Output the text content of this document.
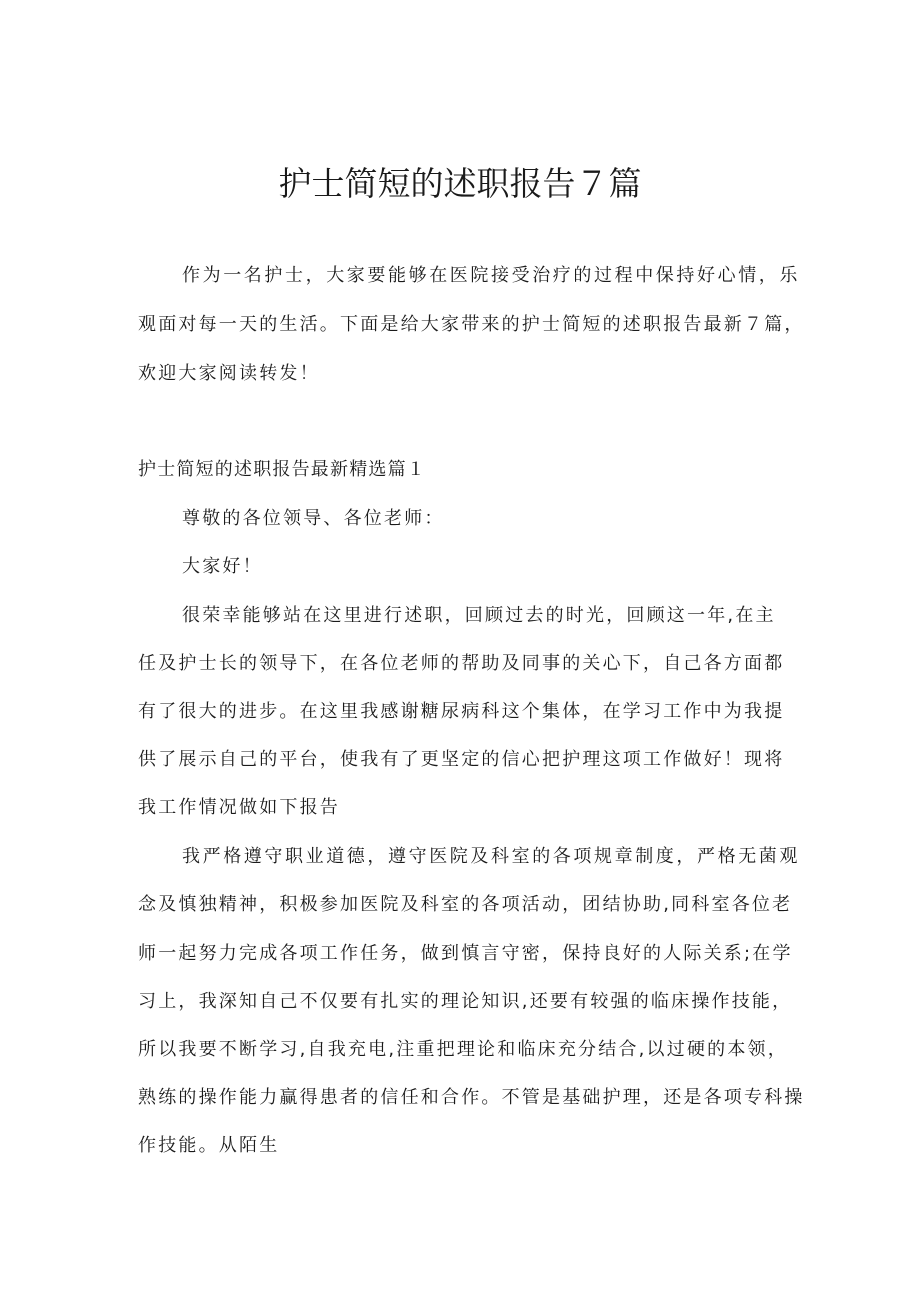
护士简短的述职报告７篇

作为一名护士，大家要能够在医院接受治疗的过程中保持好心情，乐

观面对每一天的生活。下面是给大家带来的护士简短的述职报告最新７篇，

欢迎大家阅读转发！

护士简短的述职报告最新精选篇１

尊敬的各位领导、各位老师：

大家好！

很荣幸能够站在这里进行述职，回顾过去的时光，回顾这一年,在主

任及护士长的领导下，在各位老师的帮助及同事的关心下，自己各方面都

有了很大的进步。在这里我感谢糖尿病科这个集体，在学习工作中为我提

供了展示自己的平台，使我有了更坚定的信心把护理这项工作做好！现将

我工作情况做如下报告

我严格遵守职业道德，遵守医院及科室的各项规章制度，严格无菌观

念及慎独精神，积极参加医院及科室的各项活动，团结协助,同科室各位老

师一起努力完成各项工作任务，做到慎言守密，保持良好的人际关系;在学

习上，我深知自己不仅要有扎实的理论知识,还要有较强的临床操作技能，

所以我要不断学习,自我充电,注重把理论和临床充分结合,以过硬的本领，

熟练的操作能力赢得患者的信任和合作。不管是基础护理，还是各项专科操

作技能。从陌生
